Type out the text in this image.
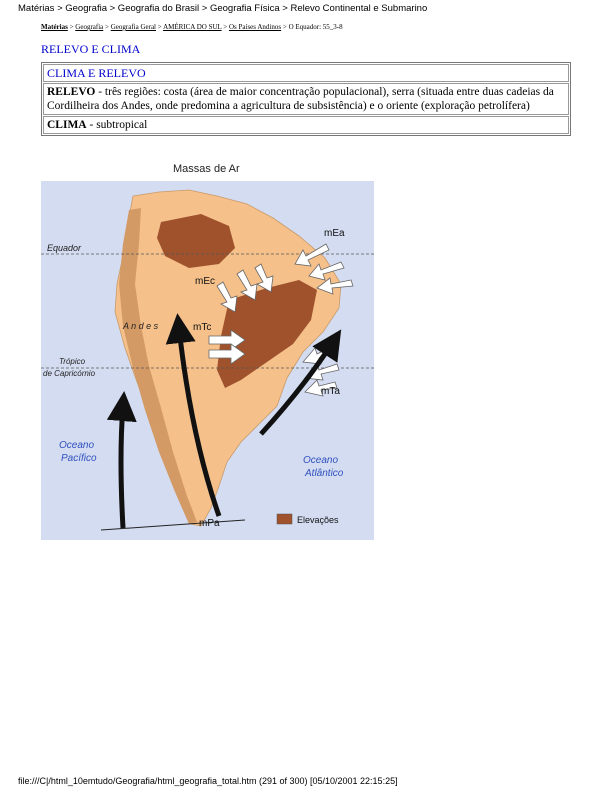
Matérias > Geografia > Geografia do Brasil > Geografia Física > Relevo Continental e Submarino
Matérias > Geografia > Geografia Geral > AMÉRICA DO SUL > Os Países Andinos > O Equador: 55_3-8
RELEVO E CLIMA
CLIMA E RELEVO
RELEVO - três regiões: costa (área de maior concentração populacional), serra (situada entre duas cadeias da Cordilheira dos Andes, onde predomina a agricultura de subsistência) e o oriente (exploração petrolífera)
CLIMA - subtropical
Massas de Ar
Equador
Trópico
de Capricórnio
A n d e s
Oceano
Pacífico	Oceano
Atlântico
mEa
mEc
mTc
mTa
mPa	Elevações
file:///C|/html_10emtudo/Geografia/html_geografia_total.htm (291 of 300) [05/10/2001 22:15:25]
